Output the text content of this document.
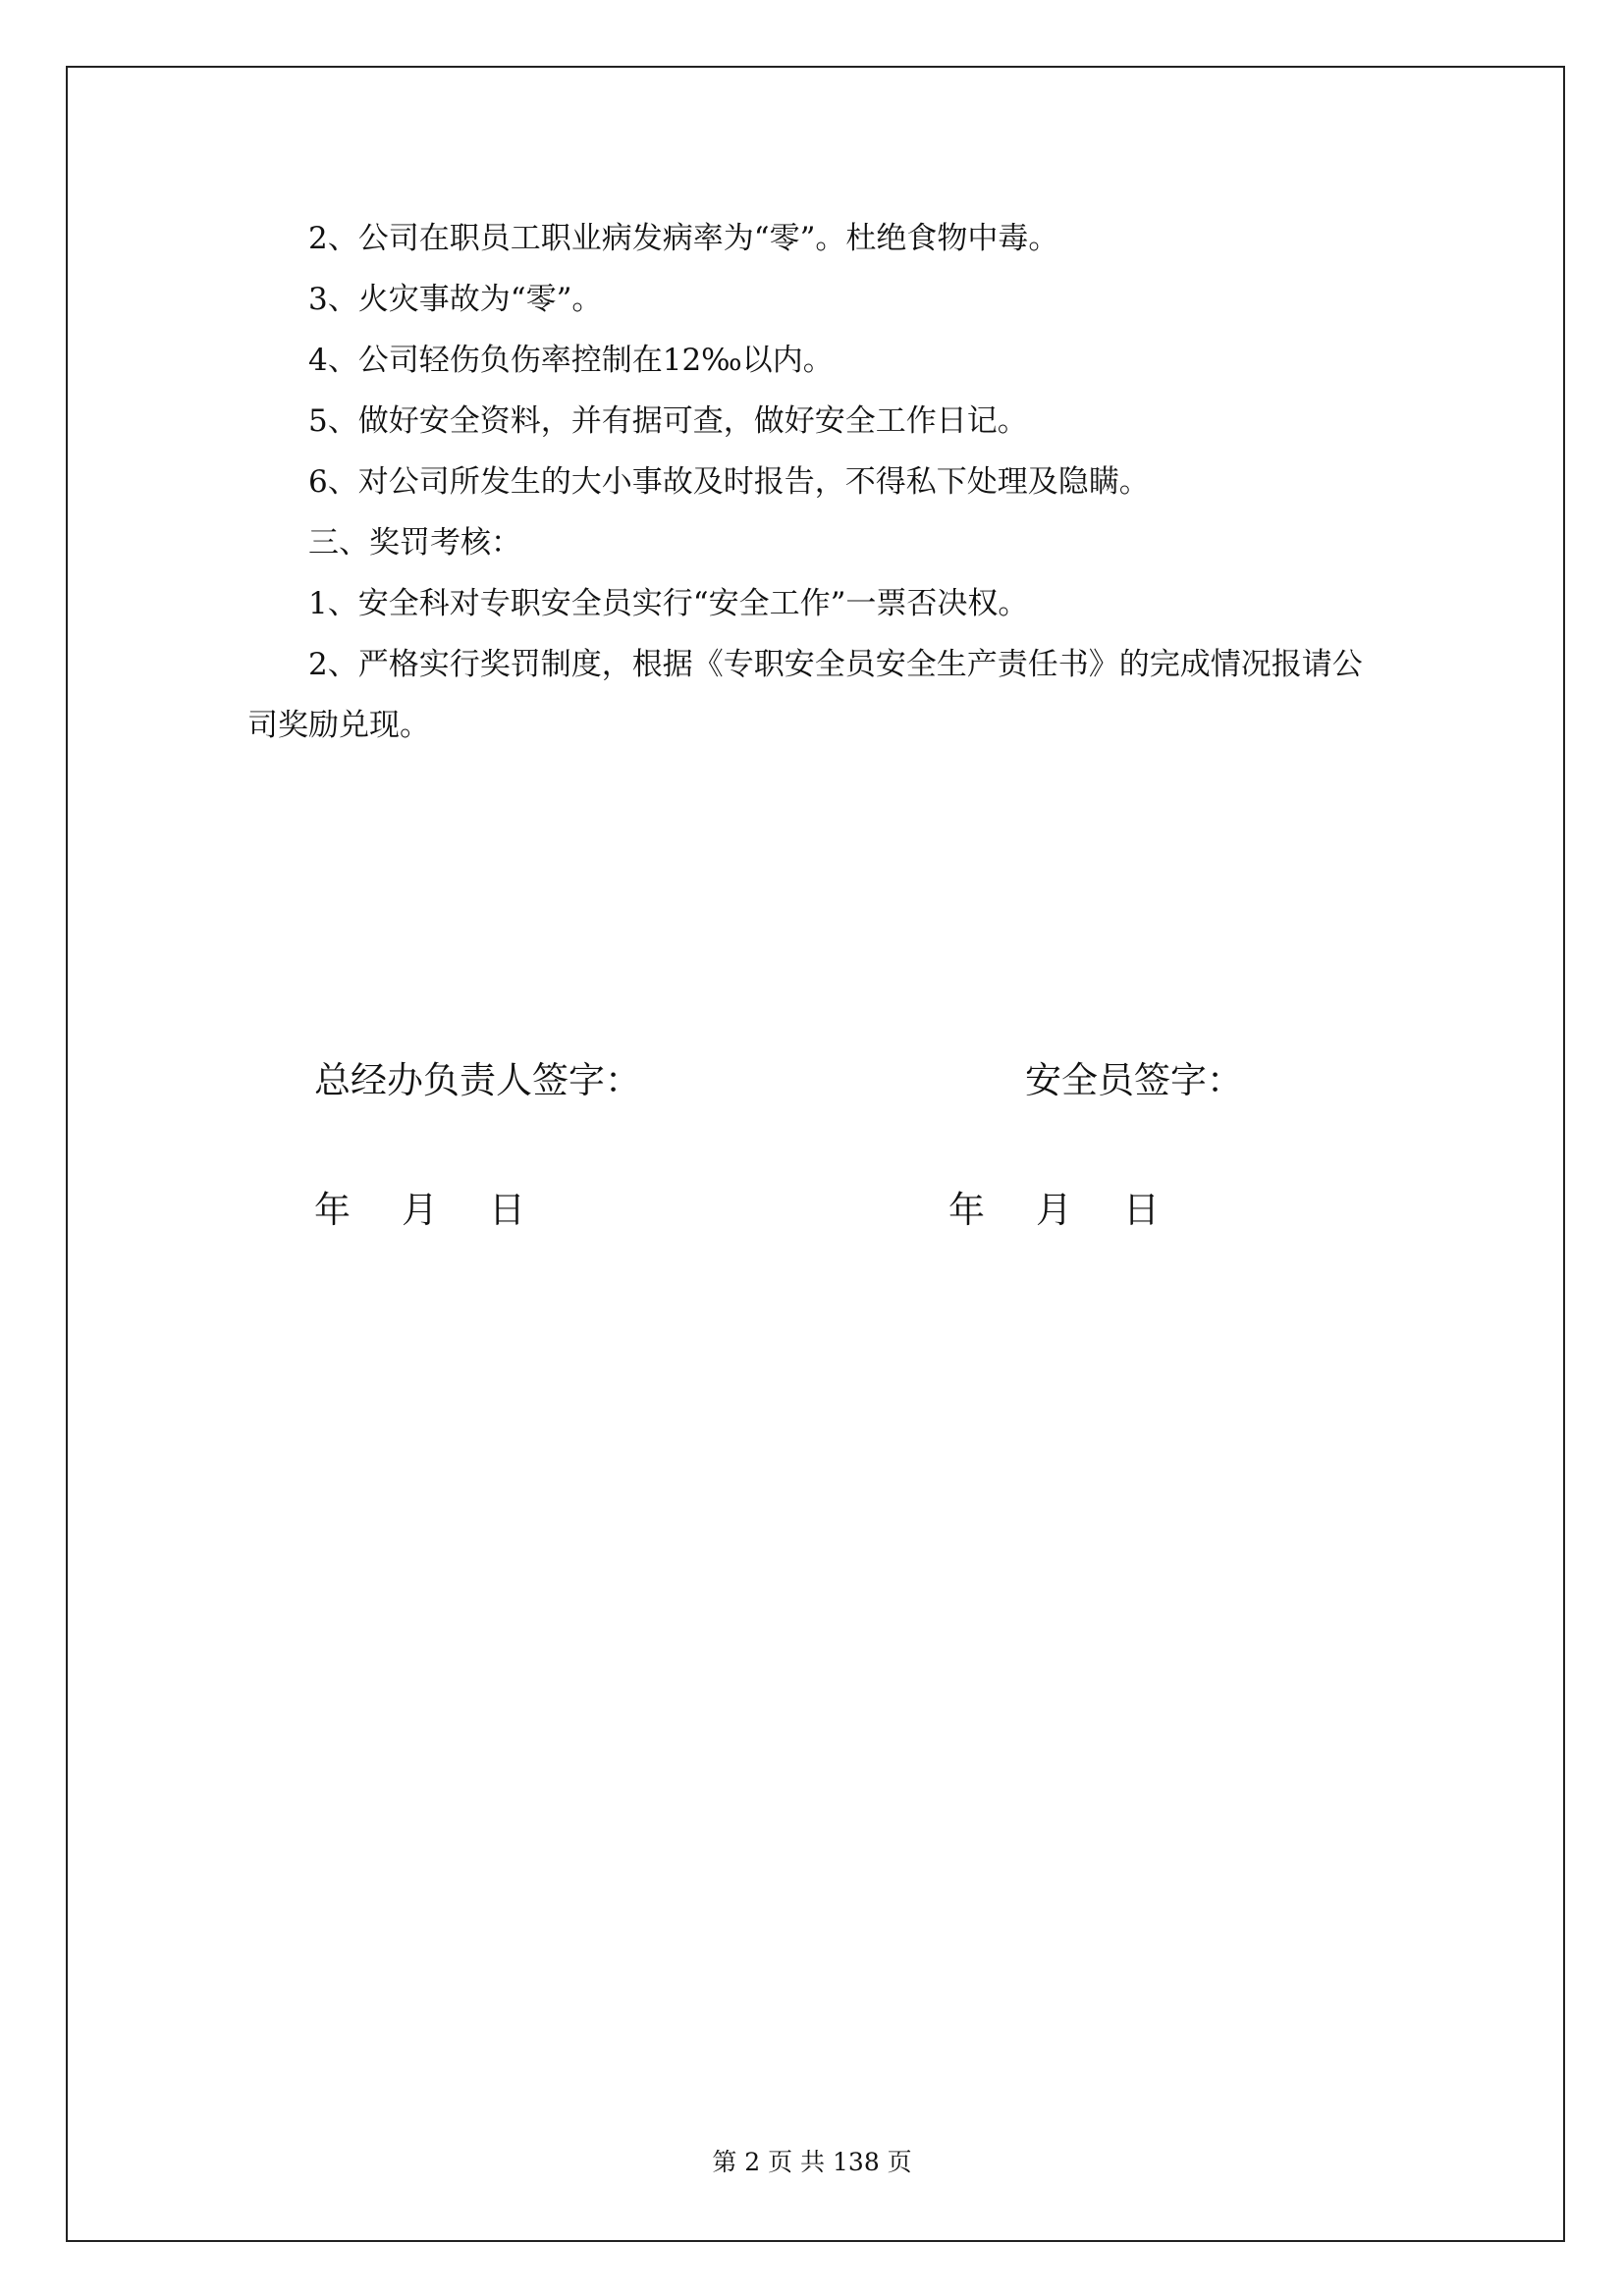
2、公司在职员工职业病发病率为“零”。杜绝食物中毒。

3、火灾事故为“零”。

4、公司轻伤负伤率控制在12‰以内。

5、做好安全资料，并有据可查，做好安全工作日记。

6、对公司所发生的大小事故及时报告，不得私下处理及隐瞒。

三、奖罚考核：

1、安全科对专职安全员实行“安全工作”一票否决权。

2、严格实行奖罚制度，根据《专职安全员安全生产责任书》的完成情况报请公司奖励兑现。

总经办负责人签字：	安全员签字：
年 月 日	年 月 日
第 2 页 共 138 页
